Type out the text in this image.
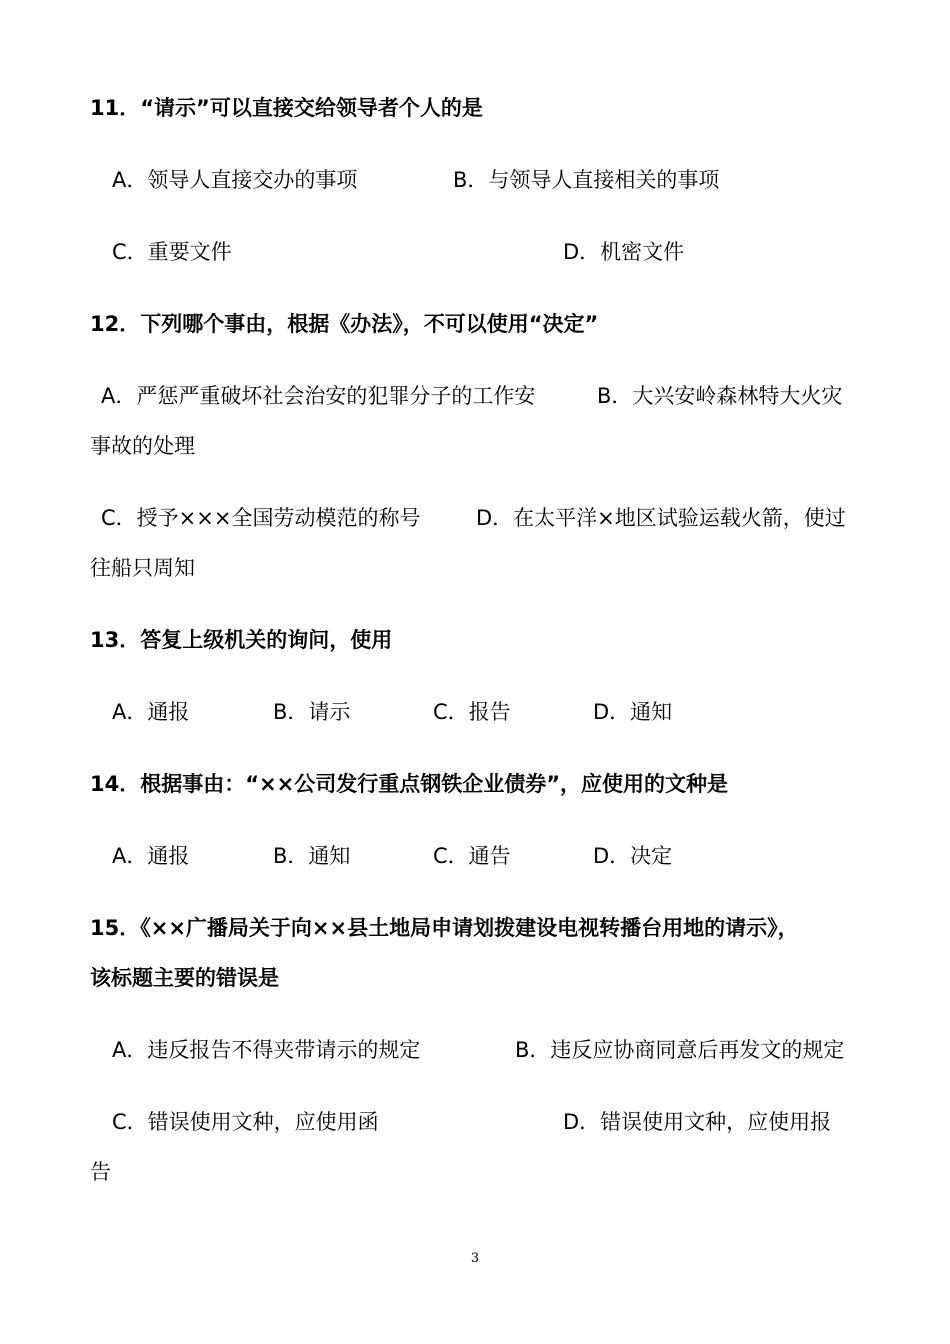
11．“请示”可以直接交给领导者个人的是
A．领导人直接交办的事项	B．与领导人直接相关的事项
C．重要文件	D．机密文件
12．下列哪个事由，根据《办法》，不可以使用“决定”
A．严惩严重破坏社会治安的犯罪分子的工作安	B．大兴安岭森林特大火灾
事故的处理
C．授予×××全国劳动模范的称号	D．在太平洋×地区试验运载火箭，使过
往船只周知
13．答复上级机关的询问，使用
A．通报	B．请示	C．报告	D．通知
14．根据事由：“××公司发行重点钢铁企业债券”，应使用的文种是
A．通报	B．通知	C．通告	D．决定
15．《××广播局关于向××县土地局申请划拨建设电视转播台用地的请示》，
该标题主要的错误是
A．违反报告不得夹带请示的规定	B．违反应协商同意后再发文的规定
C．错误使用文种，应使用函	D．错误使用文种，应使用报
告
3
